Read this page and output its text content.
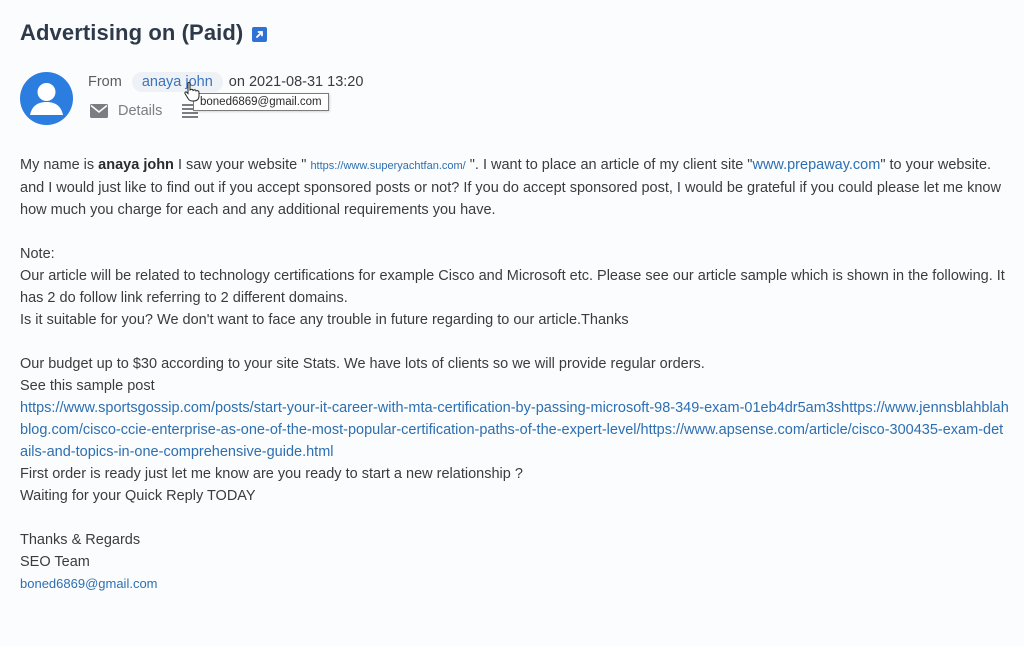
Advertising on (Paid)
From	anaya john	on 2021-08-31 13:20
Details
boned6869@gmail.com

My name is anaya john I saw your website " https://www.superyachtfan.com/ ". I want to place an article of my client site "www.prepaway.com" to your website. and I would just like to find out if you accept sponsored posts or not? If you do accept sponsored post, I would be grateful if you could please let me know how much you charge for each and any additional requirements you have.

Note:

Our article will be related to technology certifications for example Cisco and Microsoft etc. Please see our article sample which is shown in the following. It has 2 do follow link referring to 2 different domains.

Is it suitable for you? We don't want to face any trouble in future regarding to our article.Thanks

Our budget up to $30 according to your site Stats. We have lots of clients so we will provide regular orders.

See this sample post

https://www.sportsgossip.com/posts/start-your-it-career-with-mta-certification-by-passing-microsoft-98-349-exam-01eb4dr5am3shttps://www.jennsblahblahblog.com/cisco-ccie-enterprise-as-one-of-the-most-popular-certification-paths-of-the-expert-level/https://www.apsense.com/article/cisco-300435-exam-details-and-topics-in-one-comprehensive-guide.html

First order is ready just let me know are you ready to start a new relationship ?

Waiting for your Quick Reply TODAY

Thanks & Regards

SEO Team

boned6869@gmail.com
